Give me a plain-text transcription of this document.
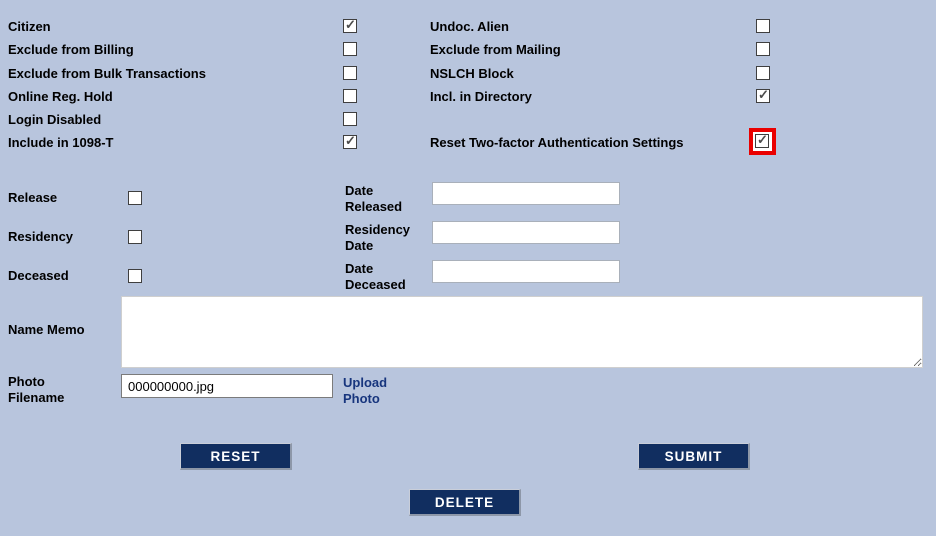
Citizen	Undoc. Alien
Exclude from Billing	Exclude from Mailing
Exclude from Bulk Transactions	NSLCH Block
Online Reg. Hold	Incl. in Directory
Login Disabled
Include in 1098-T	Reset Two-factor Authentication Settings
Release	Date Released
Residency	Residency Date
Deceased	Date Deceased
Name Memo
Photo Filename
000000000.jpg
Upload Photo
RESET	SUBMIT
DELETE
